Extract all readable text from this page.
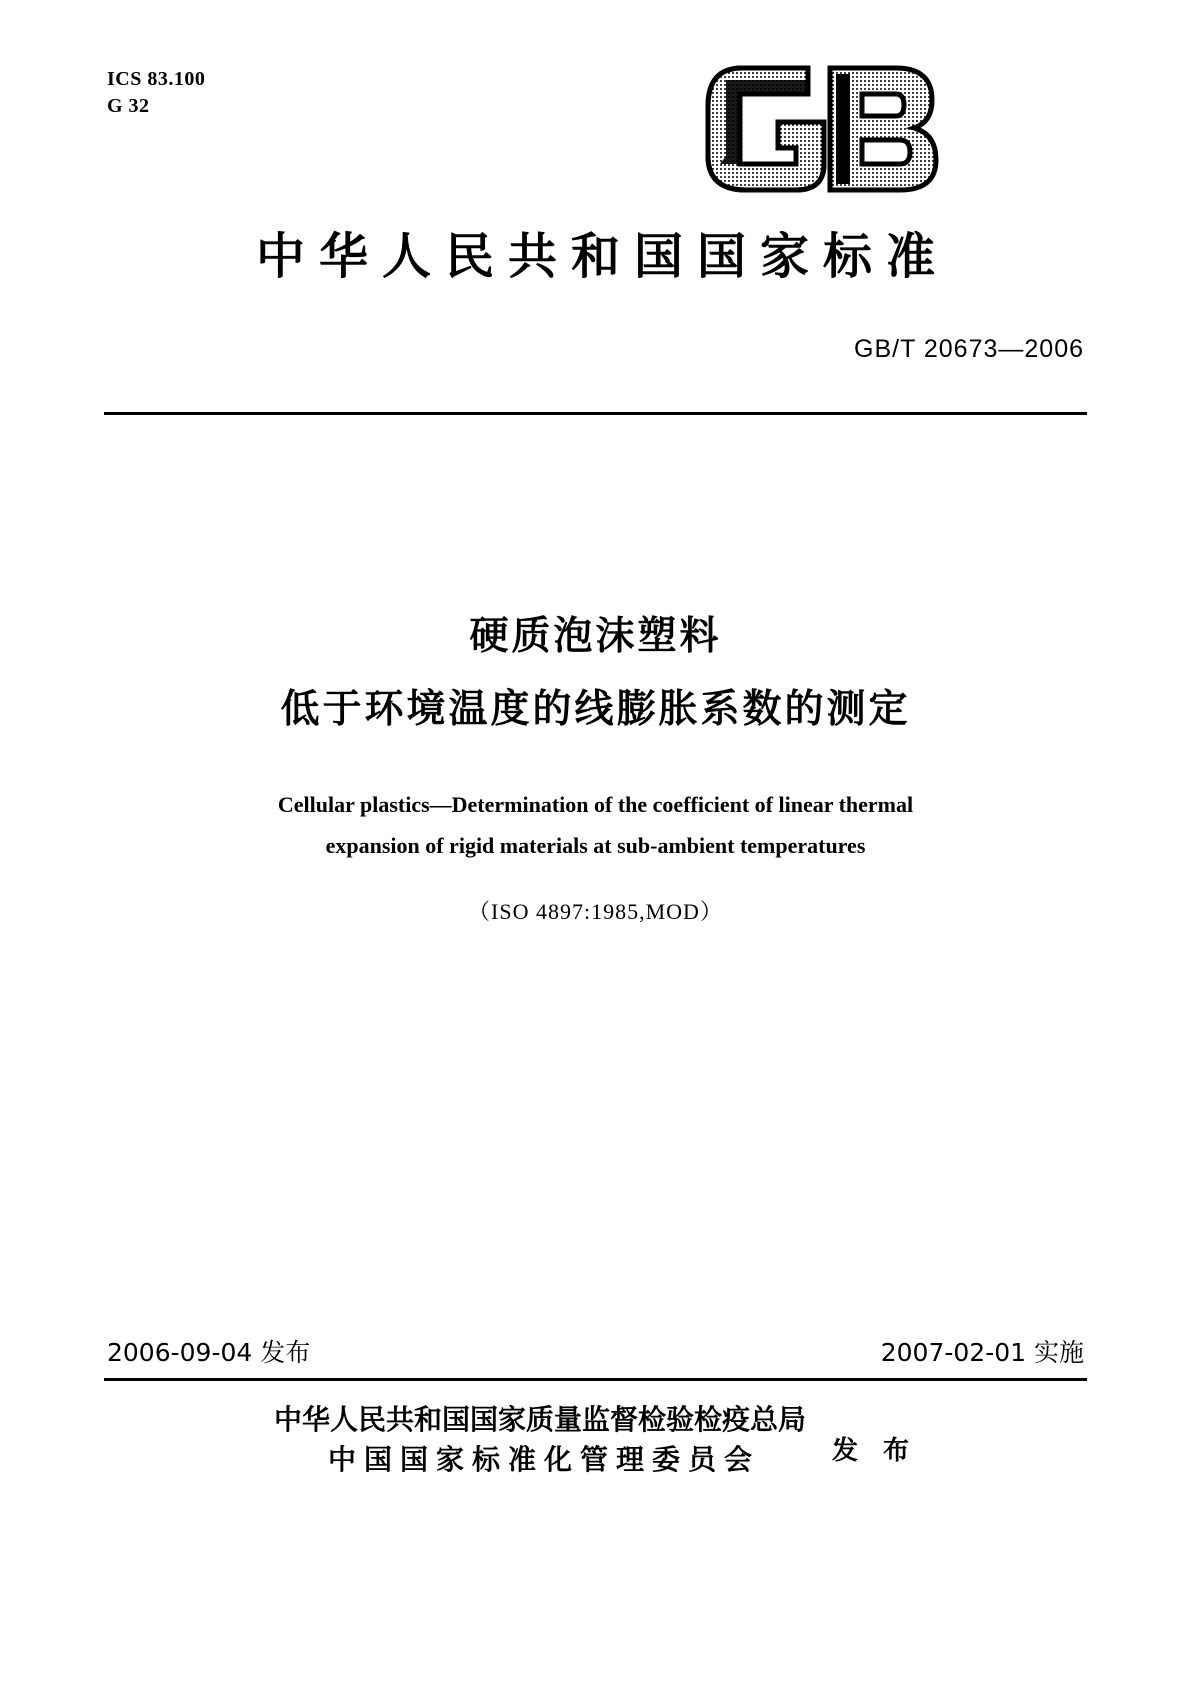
ICS 83.100
G 32
中华人民共和国国家标准
GB/T 20673—2006
硬质泡沫塑料
低于环境温度的线膨胀系数的测定
Cellular plastics—Determination of the coefficient of linear thermal
expansion of rigid materials at sub-ambient temperatures
（ISO 4897:1985,MOD）
2006-09-04 发布	2007-02-01 实施
中华人民共和国国家质量监督检验检疫总局
中国国家标准化管理委员会	发 布
